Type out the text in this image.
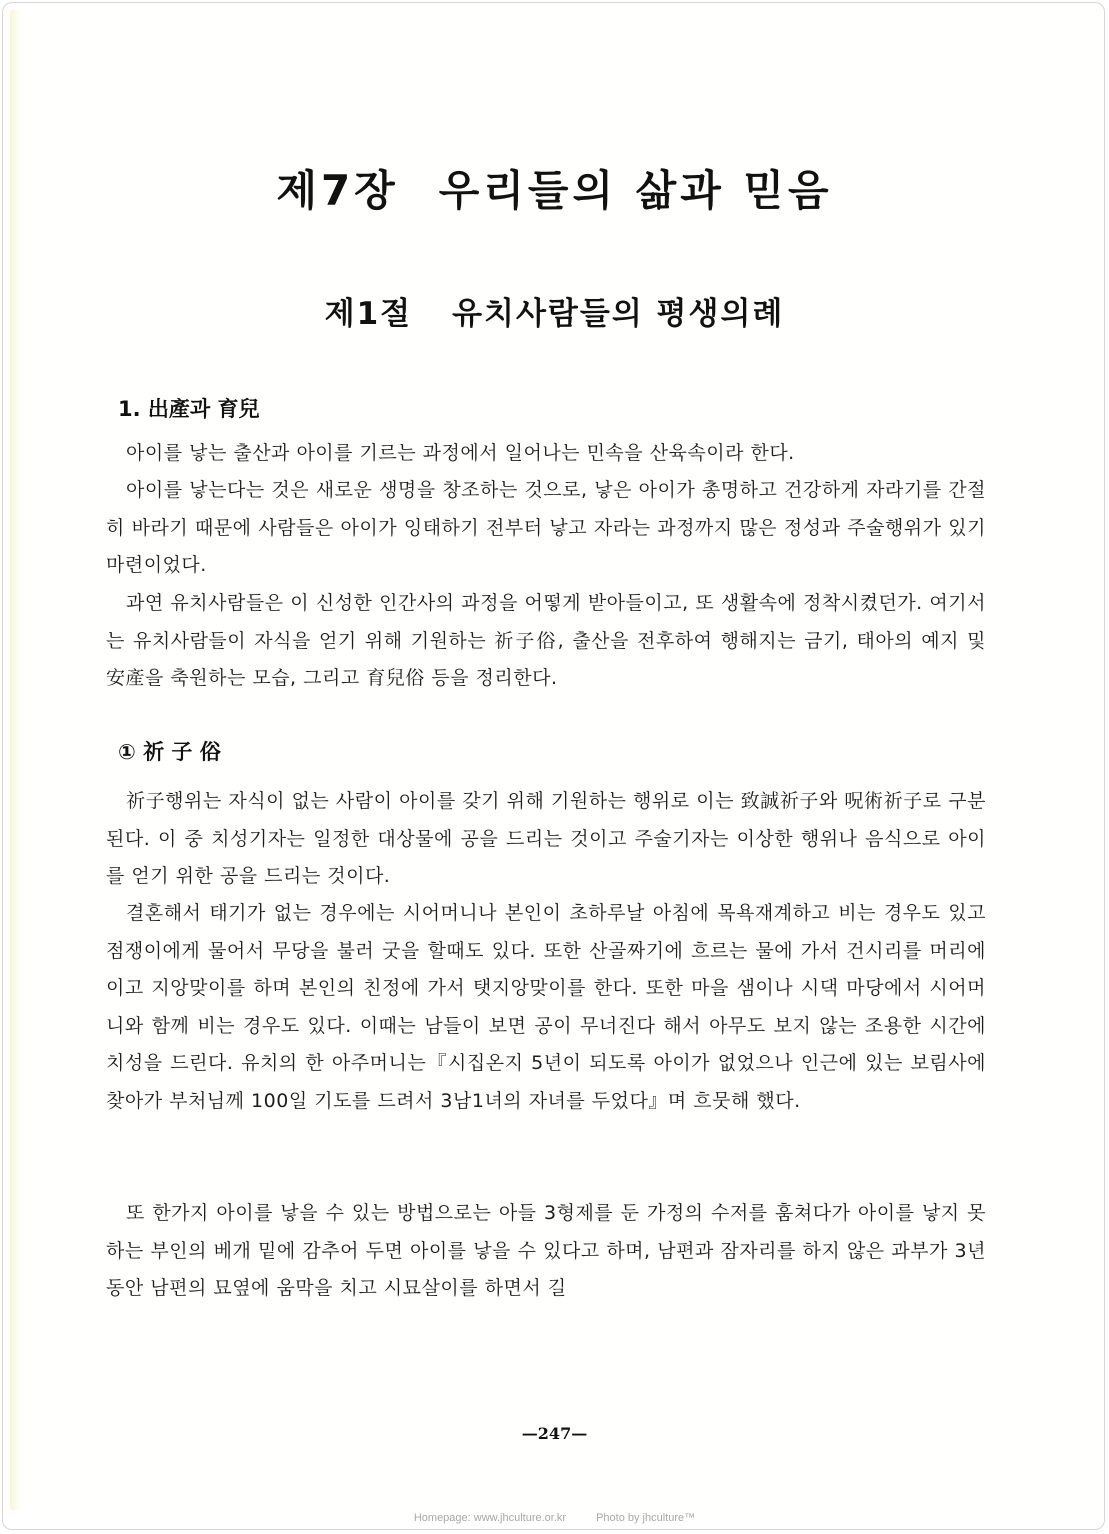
제7장 우리들의 삶과 믿음
제1절 유치사람들의 평생의례
1. 出產과 育兒

아이를 낳는 출산과 아이를 기르는 과정에서 일어나는 민속을 산육속이라 한다.

아이를 낳는다는 것은 새로운 생명을 창조하는 것으로, 낳은 아이가 총명하고 건강하게 자라기를 간절히 바라기 때문에 사람들은 아이가 잉태하기 전부터 낳고 자라는 과정까지 많은 정성과 주술행위가 있기 마련이었다.

과연 유치사람들은 이 신성한 인간사의 과정을 어떻게 받아들이고, 또 생활속에 정착시켰던가. 여기서는 유치사람들이 자식을 얻기 위해 기원하는 祈子俗, 출산을 전후하여 행해지는 금기, 태아의 예지 및 安產을 축원하는 모습, 그리고 育兒俗 등을 정리한다.

① 祈 子 俗

祈子행위는 자식이 없는 사람이 아이를 갖기 위해 기원하는 행위로 이는 致誠祈子와 呪術祈子로 구분된다. 이 중 치성기자는 일정한 대상물에 공을 드리는 것이고 주술기자는 이상한 행위나 음식으로 아이를 얻기 위한 공을 드리는 것이다.

결혼해서 태기가 없는 경우에는 시어머니나 본인이 초하루날 아침에 목욕재계하고 비는 경우도 있고 점쟁이에게 물어서 무당을 불러 굿을 할때도 있다. 또한 산골짜기에 흐르는 물에 가서 건시리를 머리에 이고 지앙맞이를 하며 본인의 친정에 가서 탯지앙맞이를 한다. 또한 마을 샘이나 시댁 마당에서 시어머니와 함께 비는 경우도 있다. 이때는 남들이 보면 공이 무너진다 해서 아무도 보지 않는 조용한 시간에 치성을 드린다. 유치의 한 아주머니는『시집온지 5년이 되도록 아이가 없었으나 인근에 있는 보림사에 찾아가 부처님께 100일 기도를 드려서 3남1녀의 자녀를 두었다』며 흐뭇해 했다.

또 한가지 아이를 낳을 수 있는 방법으로는 아들 3형제를 둔 가정의 수저를 훔쳐다가 아이를 낳지 못하는 부인의 베개 밑에 감추어 두면 아이를 낳을 수 있다고 하며, 남편과 잠자리를 하지 않은 과부가 3년 동안 남편의 묘옆에 움막을 치고 시묘살이를 하면서 길

—247—

Homepage: www.jhculture.or.kr	Photo by jhculture™
